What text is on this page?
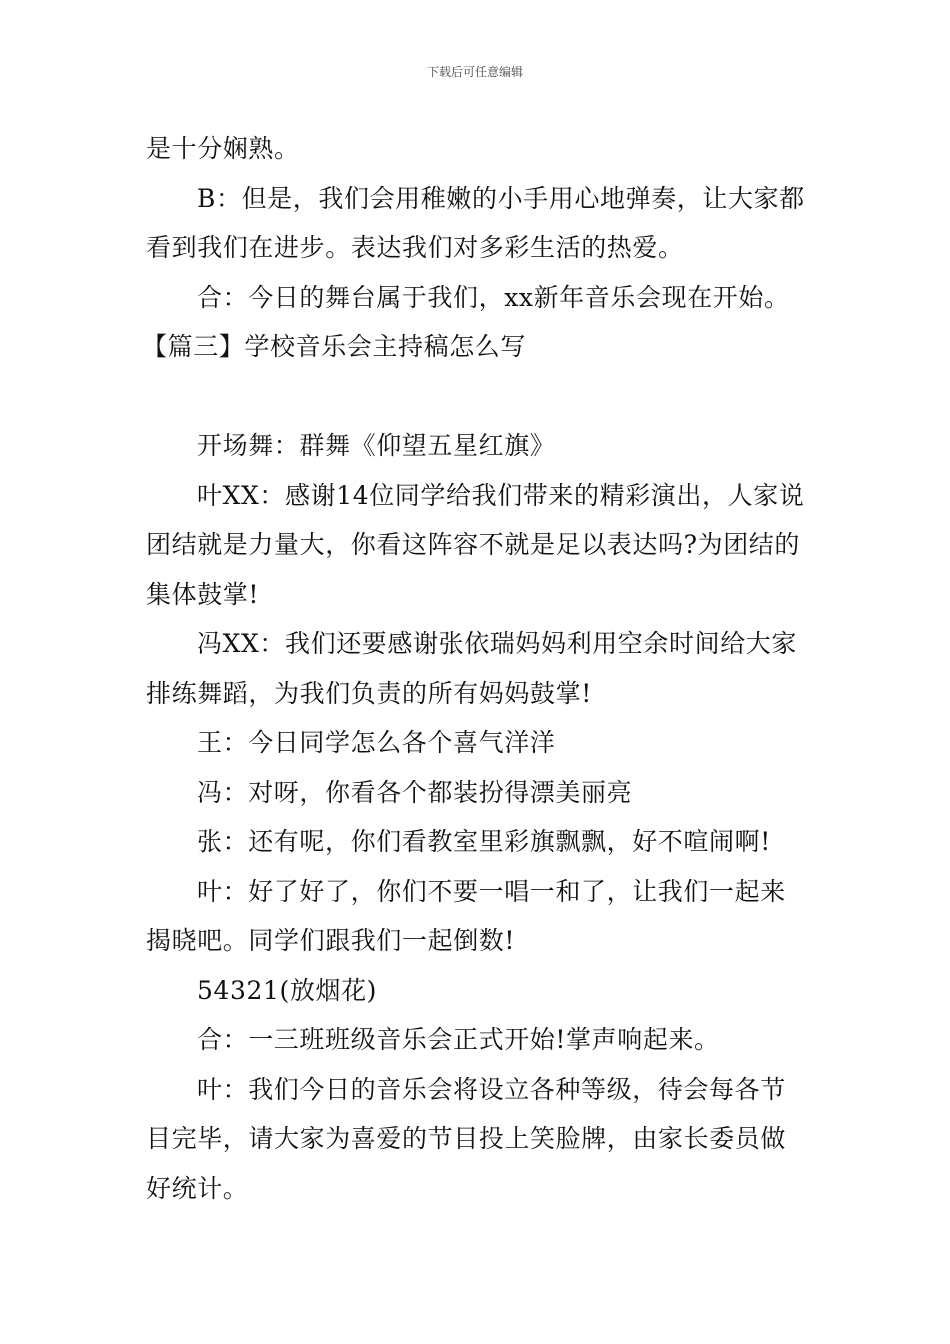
下载后可任意编辑
是十分娴熟。
B：但是，我们会用稚嫩的小手用心地弹奏，让大家都
看到我们在进步。表达我们对多彩生活的热爱。
合：今日的舞台属于我们，xx新年音乐会现在开始。
【篇三】学校音乐会主持稿怎么写
开场舞：群舞《仰望五星红旗》
叶XX：感谢14位同学给我们带来的精彩演出，人家说
团结就是力量大，你看这阵容不就是足以表达吗?为团结的
集体鼓掌!
冯XX：我们还要感谢张依瑞妈妈利用空余时间给大家
排练舞蹈，为我们负责的所有妈妈鼓掌!
王：今日同学怎么各个喜气洋洋
冯：对呀，你看各个都装扮得漂美丽亮
张：还有呢，你们看教室里彩旗飘飘，好不喧闹啊!
叶：好了好了，你们不要一唱一和了，让我们一起来
揭晓吧。同学们跟我们一起倒数!
54321(放烟花)
合：一三班班级音乐会正式开始!掌声响起来。
叶：我们今日的音乐会将设立各种等级，待会每各节
目完毕，请大家为喜爱的节目投上笑脸牌，由家长委员做
好统计。
